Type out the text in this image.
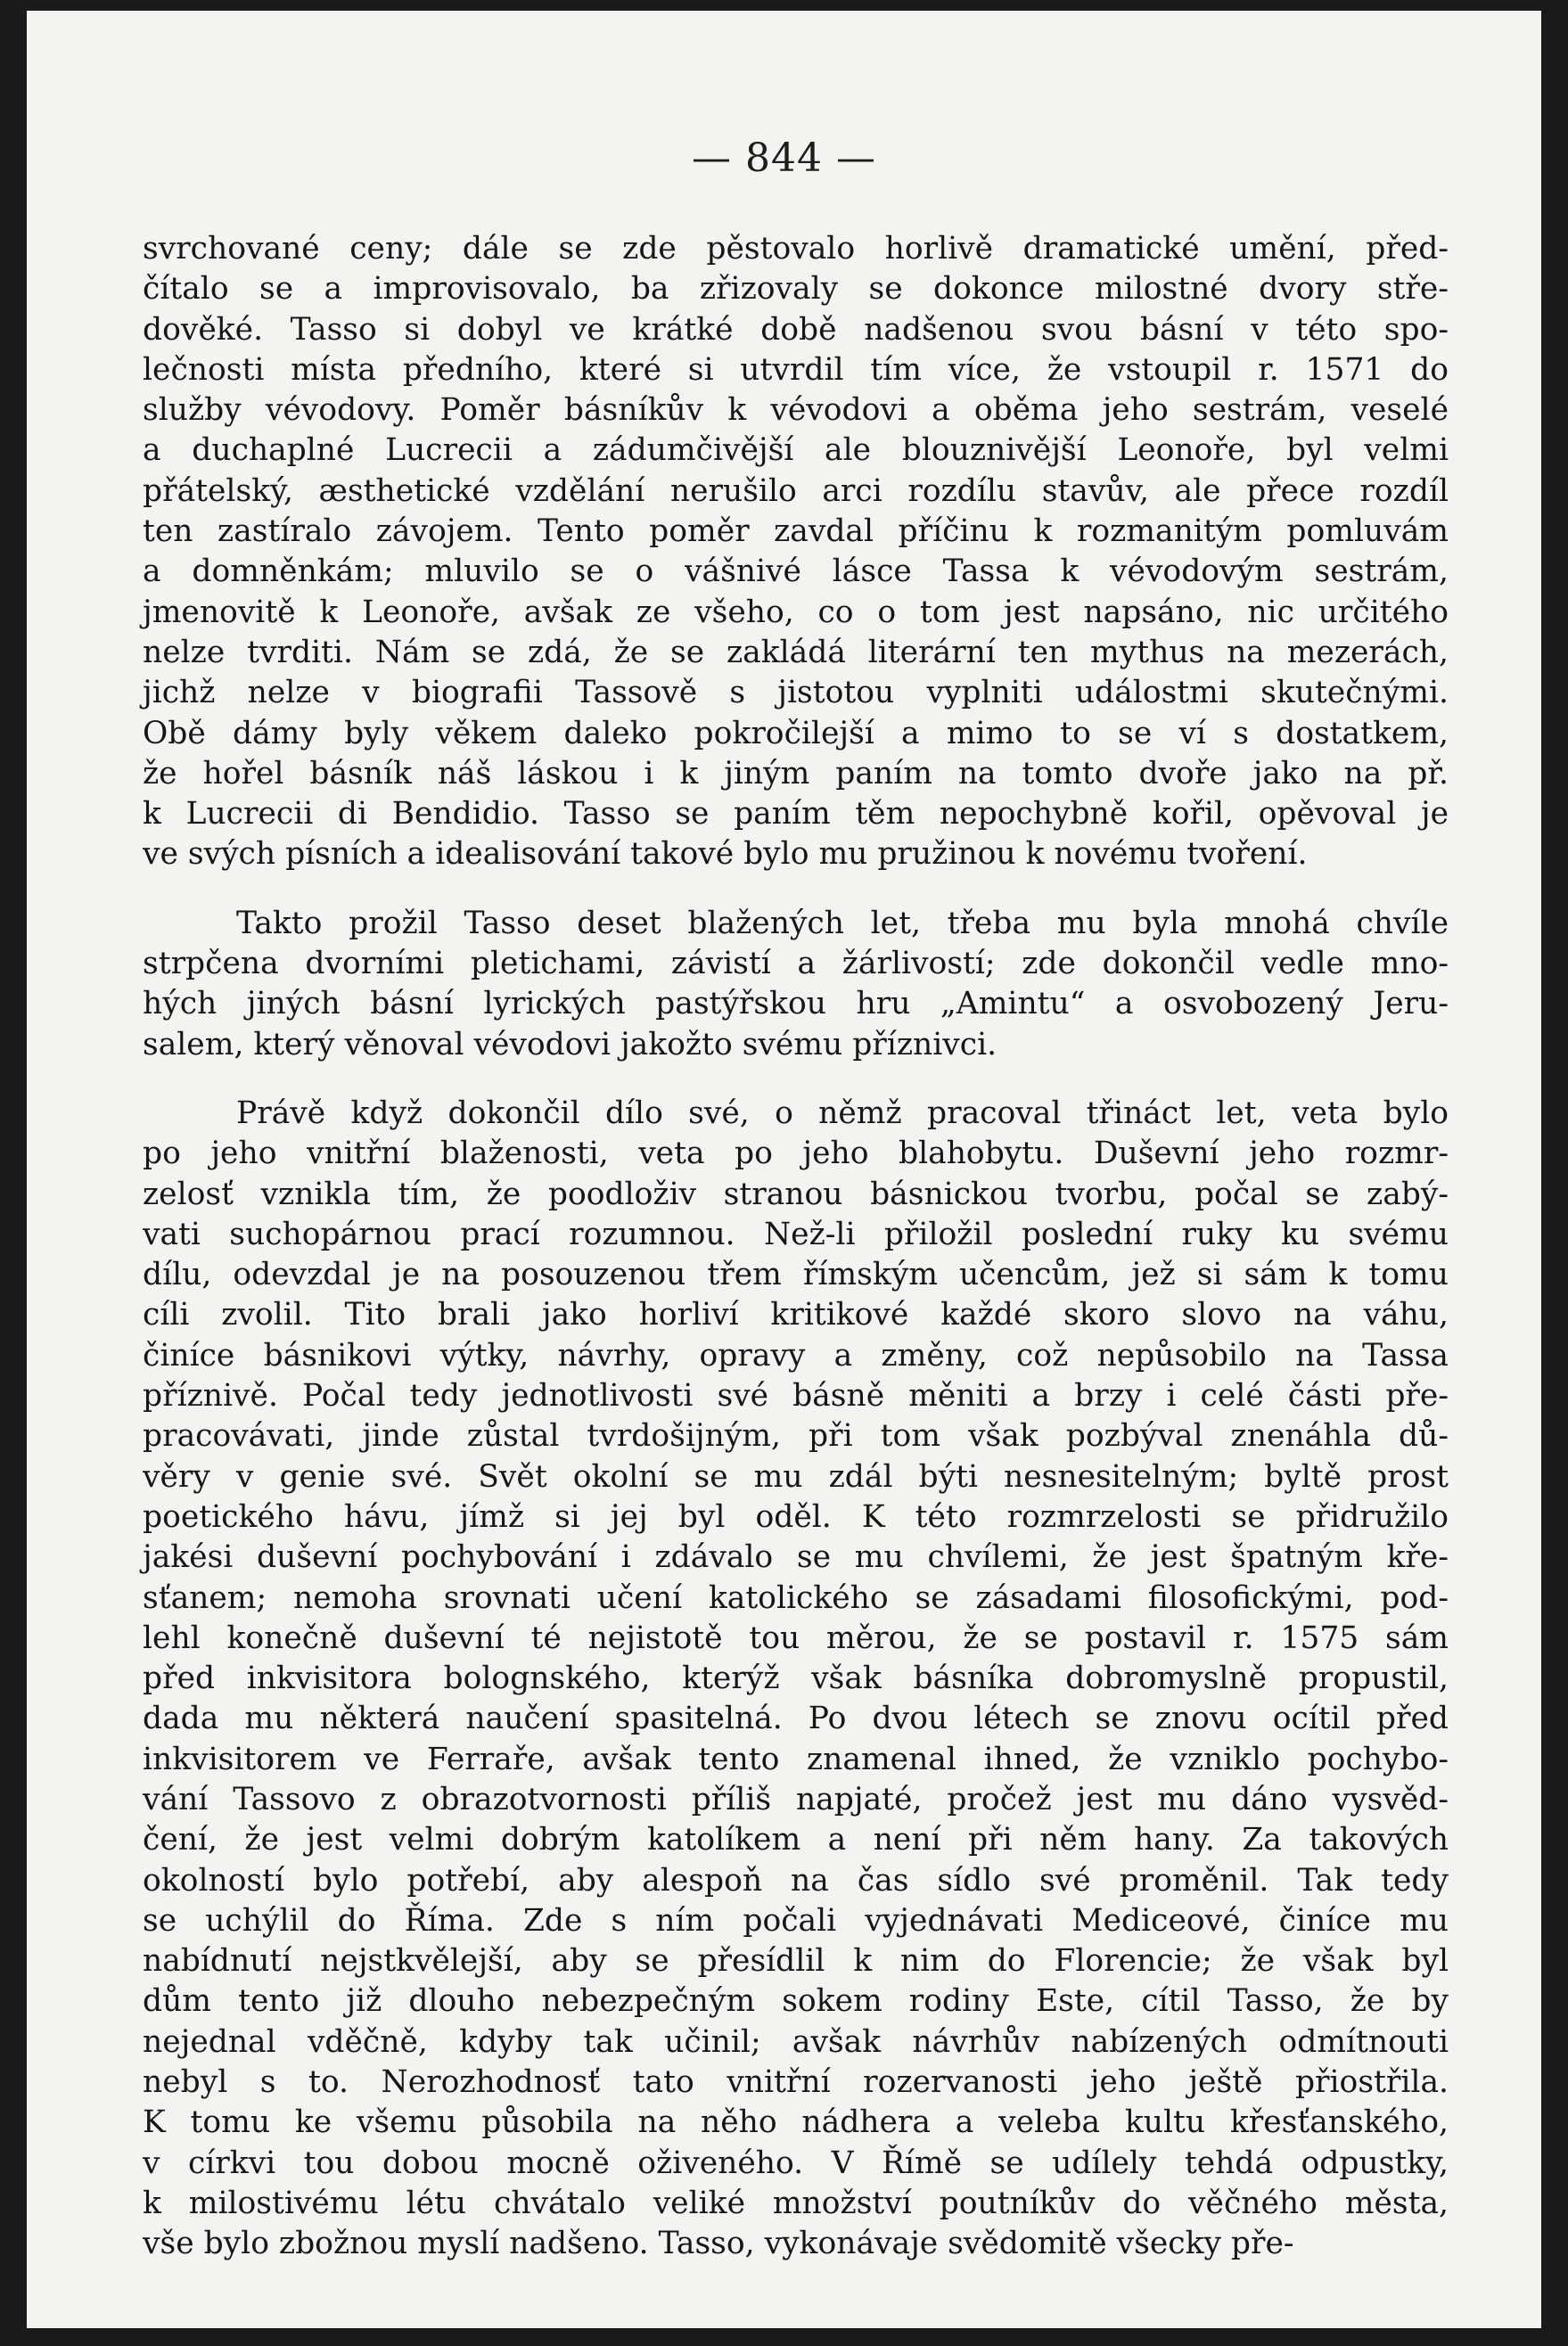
— 844 —
svrchované ceny; dále se zde pěstovalo horlivě dramatické umění, před-
čítalo se a improvisovalo, ba zřizovaly se dokonce milostné dvory stře-
dověké. Tasso si dobyl ve krátké době nadšenou svou básní v této spo-
lečnosti místa předního, které si utvrdil tím více, že vstoupil r. 1571 do
služby vévodovy. Poměr básníkův k vévodovi a oběma jeho sestrám, veselé
a duchaplné Lucrecii a zádumčivější ale blouznivější Leonoře, byl velmi
přátelský, æsthetické vzdělání nerušilo arci rozdílu stavův, ale přece rozdíl
ten zastíralo závojem. Tento poměr zavdal příčinu k rozmanitým pomluvám
a domněnkám; mluvilo se o vášnivé lásce Tassa k vévodovým sestrám,
jmenovitě k Leonoře, avšak ze všeho, co o tom jest napsáno, nic určitého
nelze tvrditi. Nám se zdá, že se zakládá literární ten mythus na mezerách,
jichž nelze v biografii Tassově s jistotou vyplniti událostmi skutečnými.
Obě dámy byly věkem daleko pokročilejší a mimo to se ví s dostatkem,
že hořel básník náš láskou i k jiným paním na tomto dvoře jako na př.
k Lucrecii di Bendidio. Tasso se paním těm nepochybně kořil, opěvoval je
ve svých písních a idealisování takové bylo mu pružinou k novému tvoření.
Takto prožil Tasso deset blažených let, třeba mu byla mnohá chvíle
strpčena dvorními pletichami, závistí a žárlivostí; zde dokončil vedle mno-
hých jiných básní lyrických pastýřskou hru „Amintu“ a osvobozený Jeru-
salem, který věnoval vévodovi jakožto svému příznivci.
Právě když dokončil dílo své, o němž pracoval třináct let, veta bylo
po jeho vnitřní blaženosti, veta po jeho blahobytu. Duševní jeho rozmr-
zelosť vznikla tím, že poodloživ stranou básnickou tvorbu, počal se zabý-
vati suchopárnou prací rozumnou. Než-li přiložil poslední ruky ku svému
dílu, odevzdal je na posouzenou třem římským učencům, jež si sám k tomu
cíli zvolil. Tito brali jako horliví kritikové každé skoro slovo na váhu,
činíce básnikovi výtky, návrhy, opravy a změny, což nepůsobilo na Tassa
příznivě. Počal tedy jednotlivosti své básně měniti a brzy i celé části pře-
pracovávati, jinde zůstal tvrdošijným, při tom však pozbýval znenáhla dů-
věry v genie své. Svět okolní se mu zdál býti nesnesitelným; byltě prost
poetického hávu, jímž si jej byl oděl. K této rozmrzelosti se přidružilo
jakési duševní pochybování i zdávalo se mu chvílemi, že jest špatným kře-
sťanem; nemoha srovnati učení katolického se zásadami filosofickými, pod-
lehl konečně duševní té nejistotě tou měrou, že se postavil r. 1575 sám
před inkvisitora bolognského, kterýž však básníka dobromyslně propustil,
dada mu některá naučení spasitelná. Po dvou létech se znovu ocítil před
inkvisitorem ve Ferraře, avšak tento znamenal ihned, že vzniklo pochybo-
vání Tassovo z obrazotvornosti příliš napjaté, pročež jest mu dáno vysvěd-
čení, že jest velmi dobrým katolíkem a není při něm hany. Za takových
okolností bylo potřebí, aby alespoň na čas sídlo své proměnil. Tak tedy
se uchýlil do Říma. Zde s ním počali vyjednávati Mediceové, činíce mu
nabídnutí nejstkvělejší, aby se přesídlil k nim do Florencie; že však byl
dům tento již dlouho nebezpečným sokem rodiny Este, cítil Tasso, že by
nejednal vděčně, kdyby tak učinil; avšak návrhův nabízených odmítnouti
nebyl s to. Nerozhodnosť tato vnitřní rozervanosti jeho ještě přiostřila.
K tomu ke všemu působila na něho nádhera a veleba kultu křesťanského,
v církvi tou dobou mocně oživeného. V Římě se udílely tehdá odpustky,
k milostivému létu chvátalo veliké množství poutníkův do věčného města,
vše bylo zbožnou myslí nadšeno. Tasso, vykonávaje svědomitě všecky pře-
